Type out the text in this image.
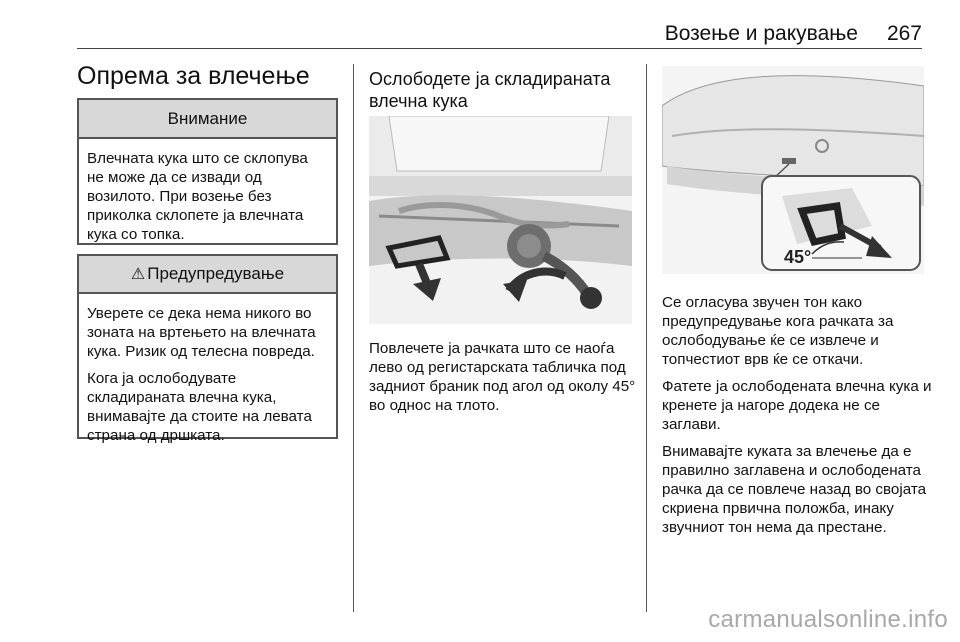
Возење и ракување 267
Опрема за влечење
Внимание

Влечната кука што се склопува не може да се извади од возилото. При возење без приколка склопете ја влечната кука со топка.

⚠ Предупредување

Уверете се дека нема никого во зоната на вртењето на влечната кука. Ризик од телесна повреда.

Кога ја ослободувате складираната влечна кука, внимавајте да стоите на левата страна од дршката.

Ослободете ја складираната влечна кука
Повлечете ја рачката што се наоѓа лево од регистарската табличка под задниот браник под агол од околу 45° во однос на тлото.
45°

Се огласува звучен тон како предупредување кога рачката за ослободување ќе се извлече и топчестиот врв ќе се откачи.

Фатете ја ослободената влечна кука и кренете ја нагоре додека не се заглави.

Внимавајте куката за влечење да е правилно заглавена и ослободената рачка да се повлече назад во својата скриена првична положба, инаку звучниот тон нема да престане.

carmanualsonline.info
